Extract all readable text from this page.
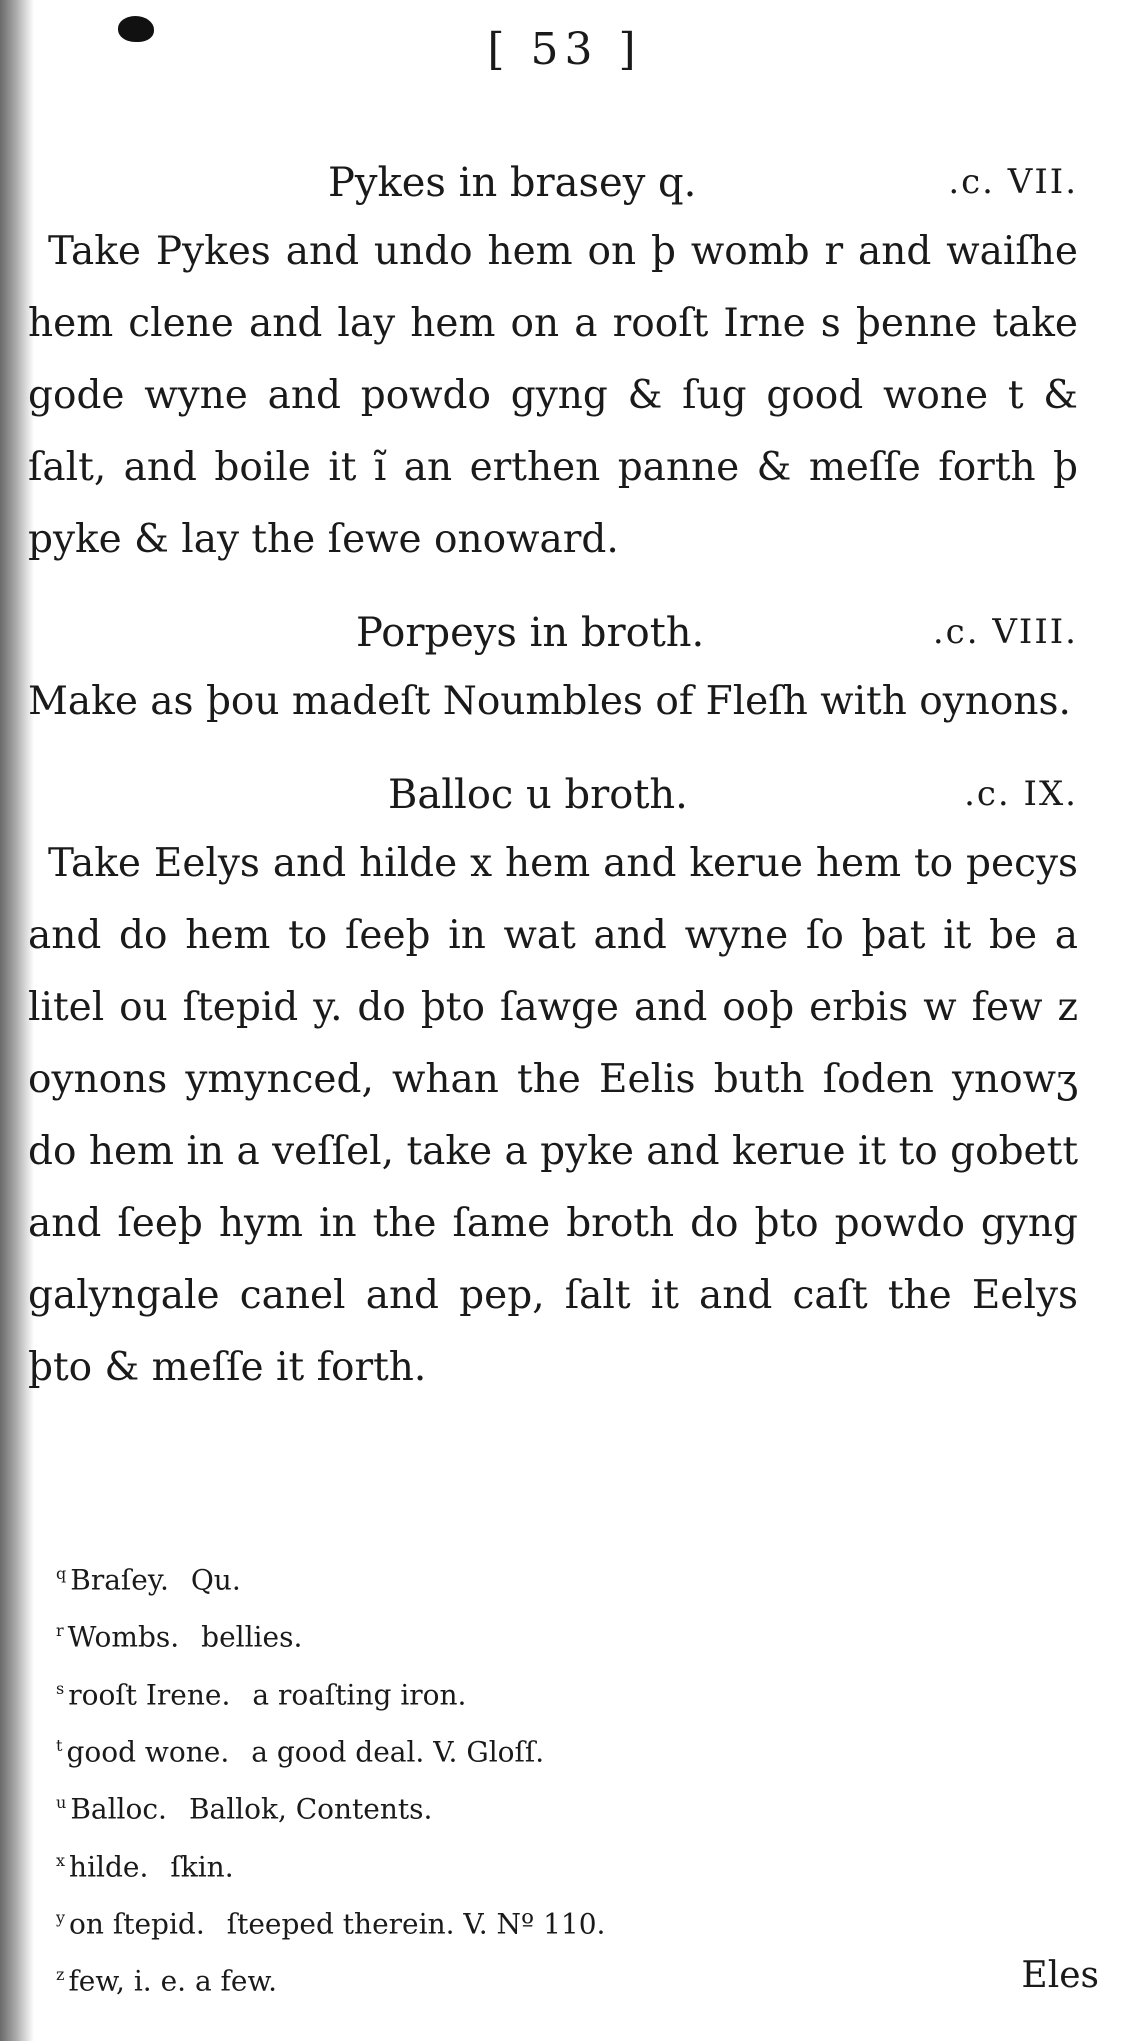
[ 53 ]
Pykes in brasey q.	.c. VII.

Take Pykes and undo hem on þ womb r and waiſhe hem clene and lay hem on a rooſt Irne s þenne take gode wyne and powdo gyng & ſug good wone t & ſalt, and boile it ĩ an erthen panne & meſſe forth þ pyke & lay the ſewe onoward.

Porpeys in broth.	.c. VIII.

Make as þou madeſt Noumbles of Fleſh with oynons.

Balloc u broth.	.c. IX.

Take Eelys and hilde x hem and kerue hem to pecys and do hem to ſeeþ in wat and wyne ſo þat it be a litel ou ſtepid y. do þto ſawge and ooþ erbis w few z oynons ymynced, whan the Eelis buth ſoden ynowʒ do hem in a veſſel, take a pyke and kerue it to gobett and ſeeþ hym in the ſame broth do þto powdo gyng galyngale canel and pep, ſalt it and caſt the Eelys þto & meſſe it forth.

$^q$ Braſey. Qu.
$^r$ Wombs. bellies.
$^s$ rooſt Irene. a roaſting iron.
$^t$ good wone. a good deal. V. Gloſſ.
$^u$ Balloc. Ballok, Contents.
$^x$ hilde. ſkin.
$^y$ on ſtepid. ſteeped therein. V. Nº 110.
$^z$ few, i. e. a few.	Eles
